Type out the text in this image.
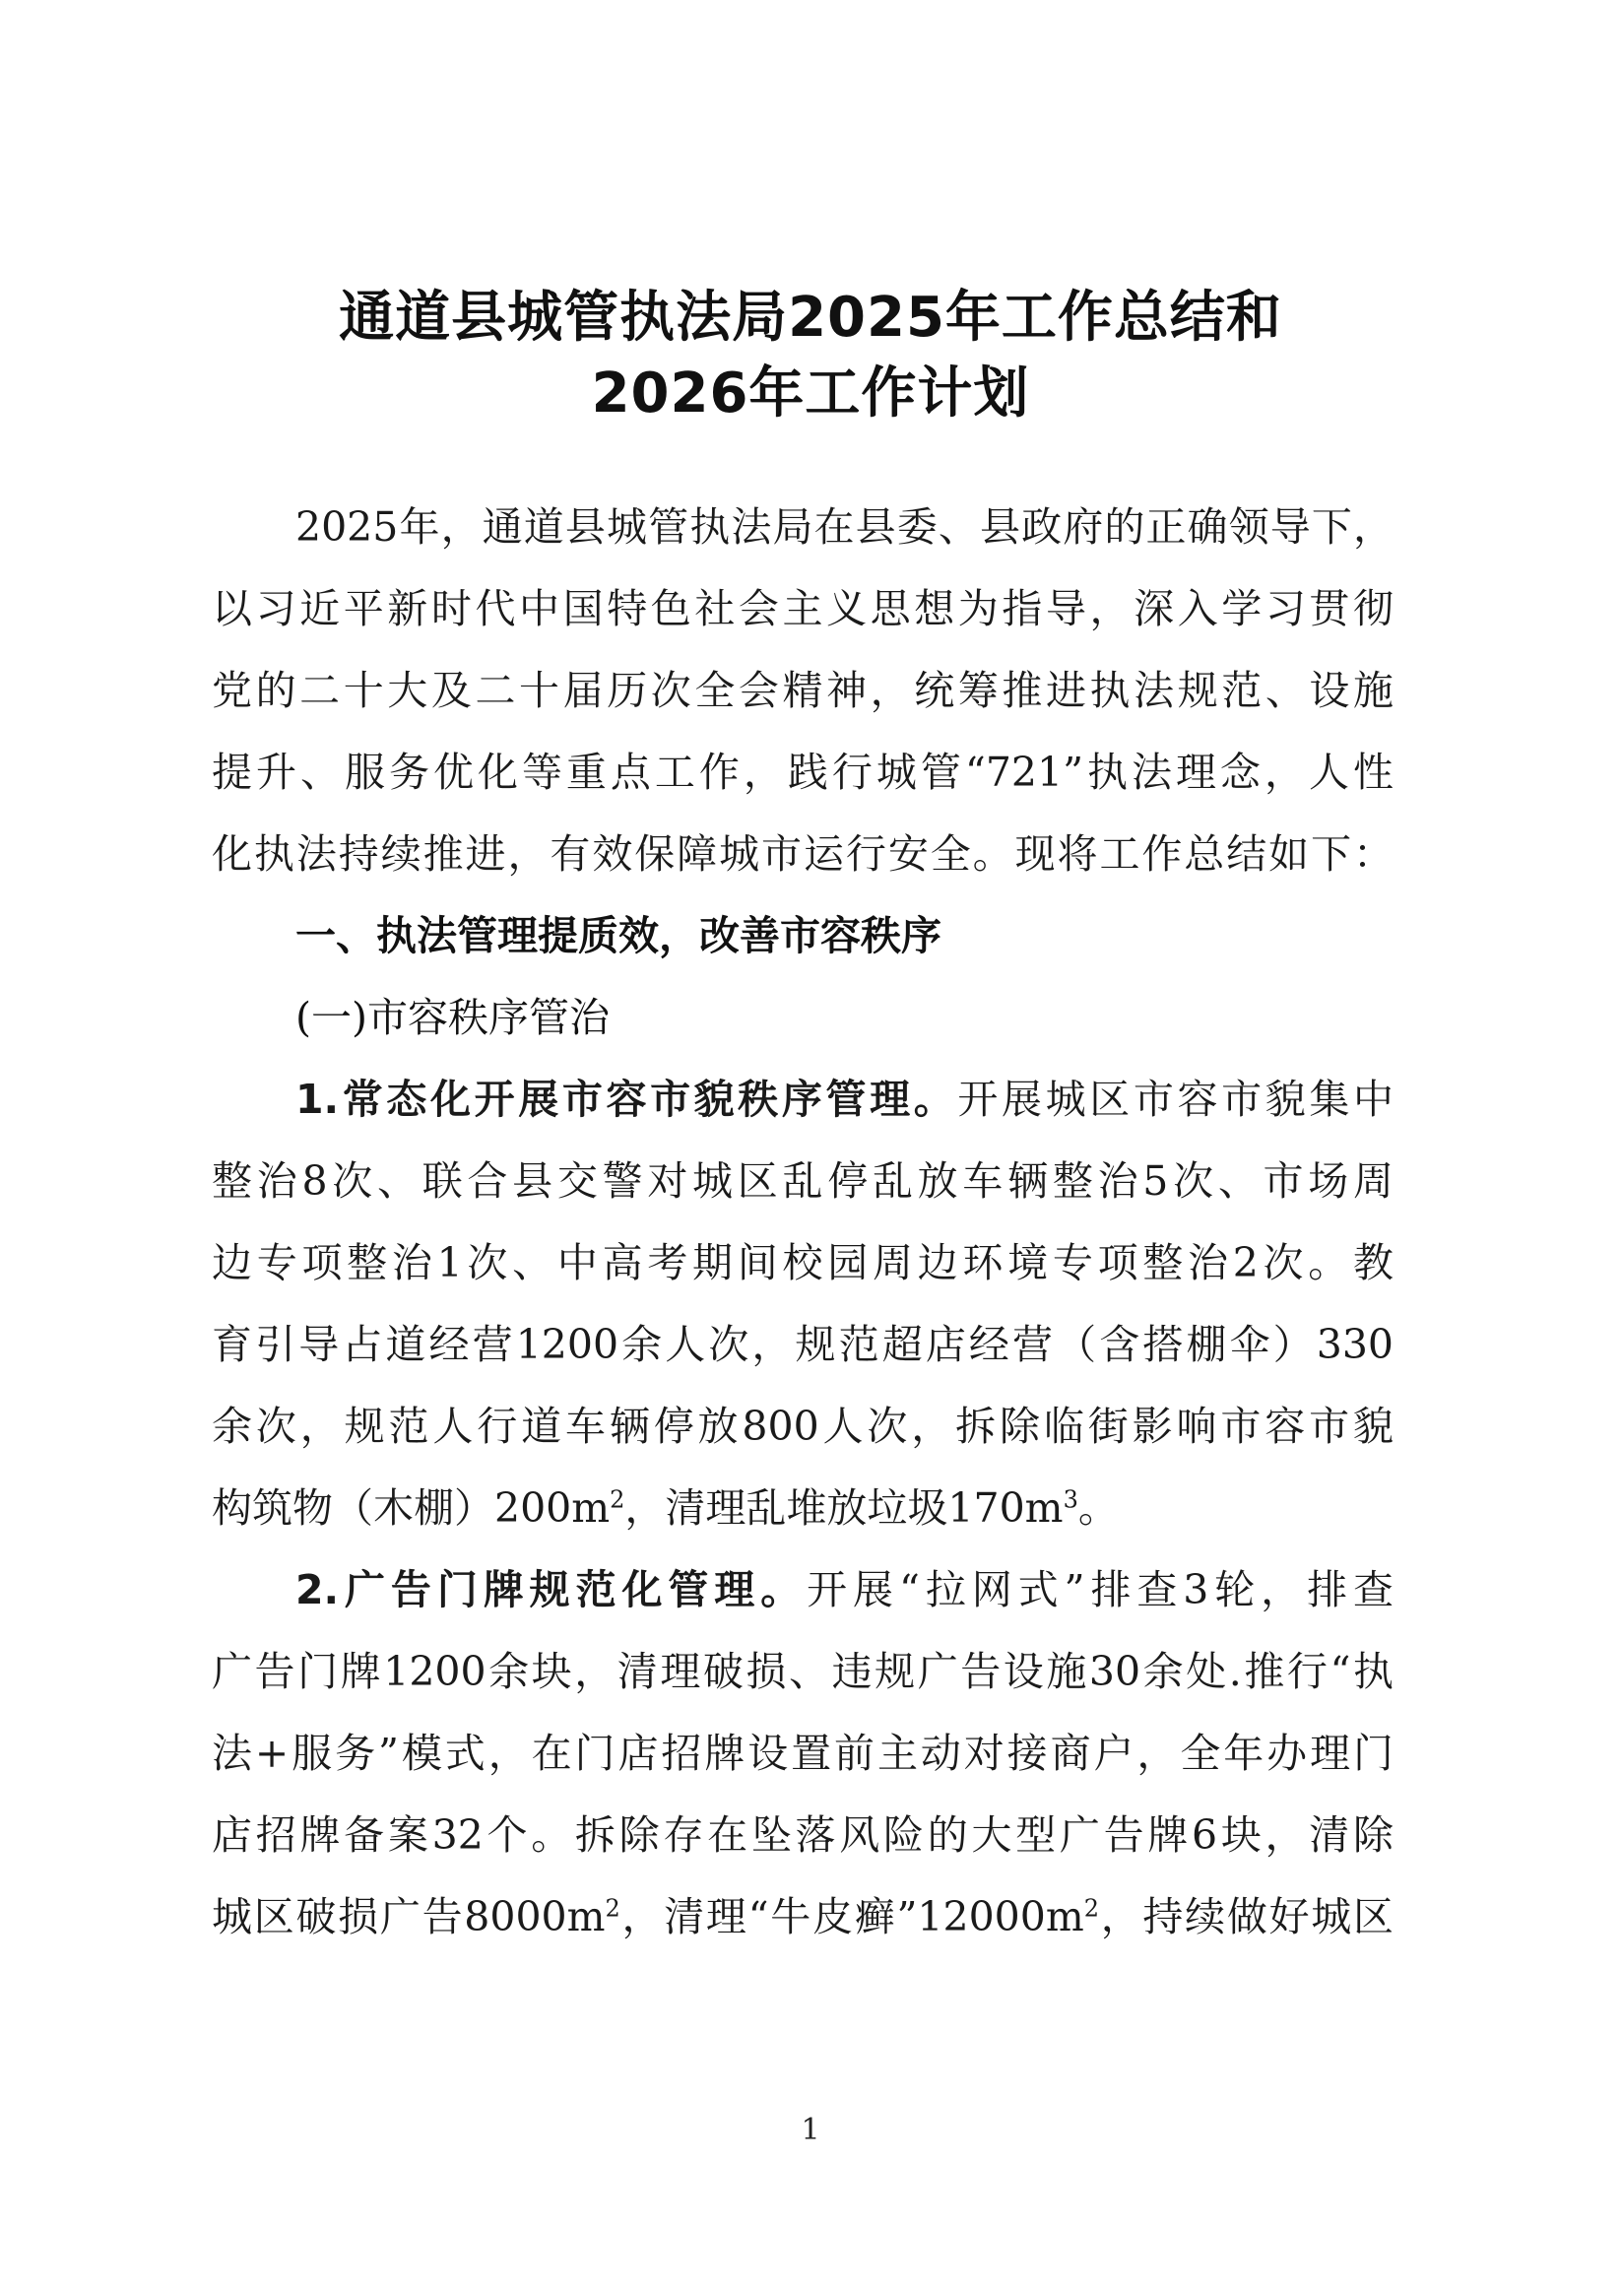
通道县城管执法局2025年工作总结和
2026年工作计划
2025年，通道县城管执法局在县委、县政府的正确领导下，
以习近平新时代中国特色社会主义思想为指导，深入学习贯彻
党的二十大及二十届历次全会精神，统筹推进执法规范、设施
提升、服务优化等重点工作，践行城管“721”执法理念，人性
化执法持续推进，有效保障城市运行安全。现将工作总结如下：
一、执法管理提质效，改善市容秩序
(一)市容秩序管治
1.常态化开展市容市貌秩序管理。开展城区市容市貌集中
整治8次、联合县交警对城区乱停乱放车辆整治5次、市场周
边专项整治1次、中高考期间校园周边环境专项整治2次。教
育引导占道经营1200余人次，规范超店经营（含搭棚伞）330
余次，规范人行道车辆停放800人次，拆除临街影响市容市貌
构筑物（木棚）$200m^2$，清理乱堆放垃圾$170m^3$。
2.广告门牌规范化管理。开展“拉网式”排查3轮，排查
广告门牌1200余块，清理破损、违规广告设施30余处.推行“执
法+服务”模式，在门店招牌设置前主动对接商户，全年办理门
店招牌备案32个。拆除存在坠落风险的大型广告牌6块，清除
城区破损广告$8000m^2$，清理“牛皮癣$”12000m^2$，持续做好城区
1
